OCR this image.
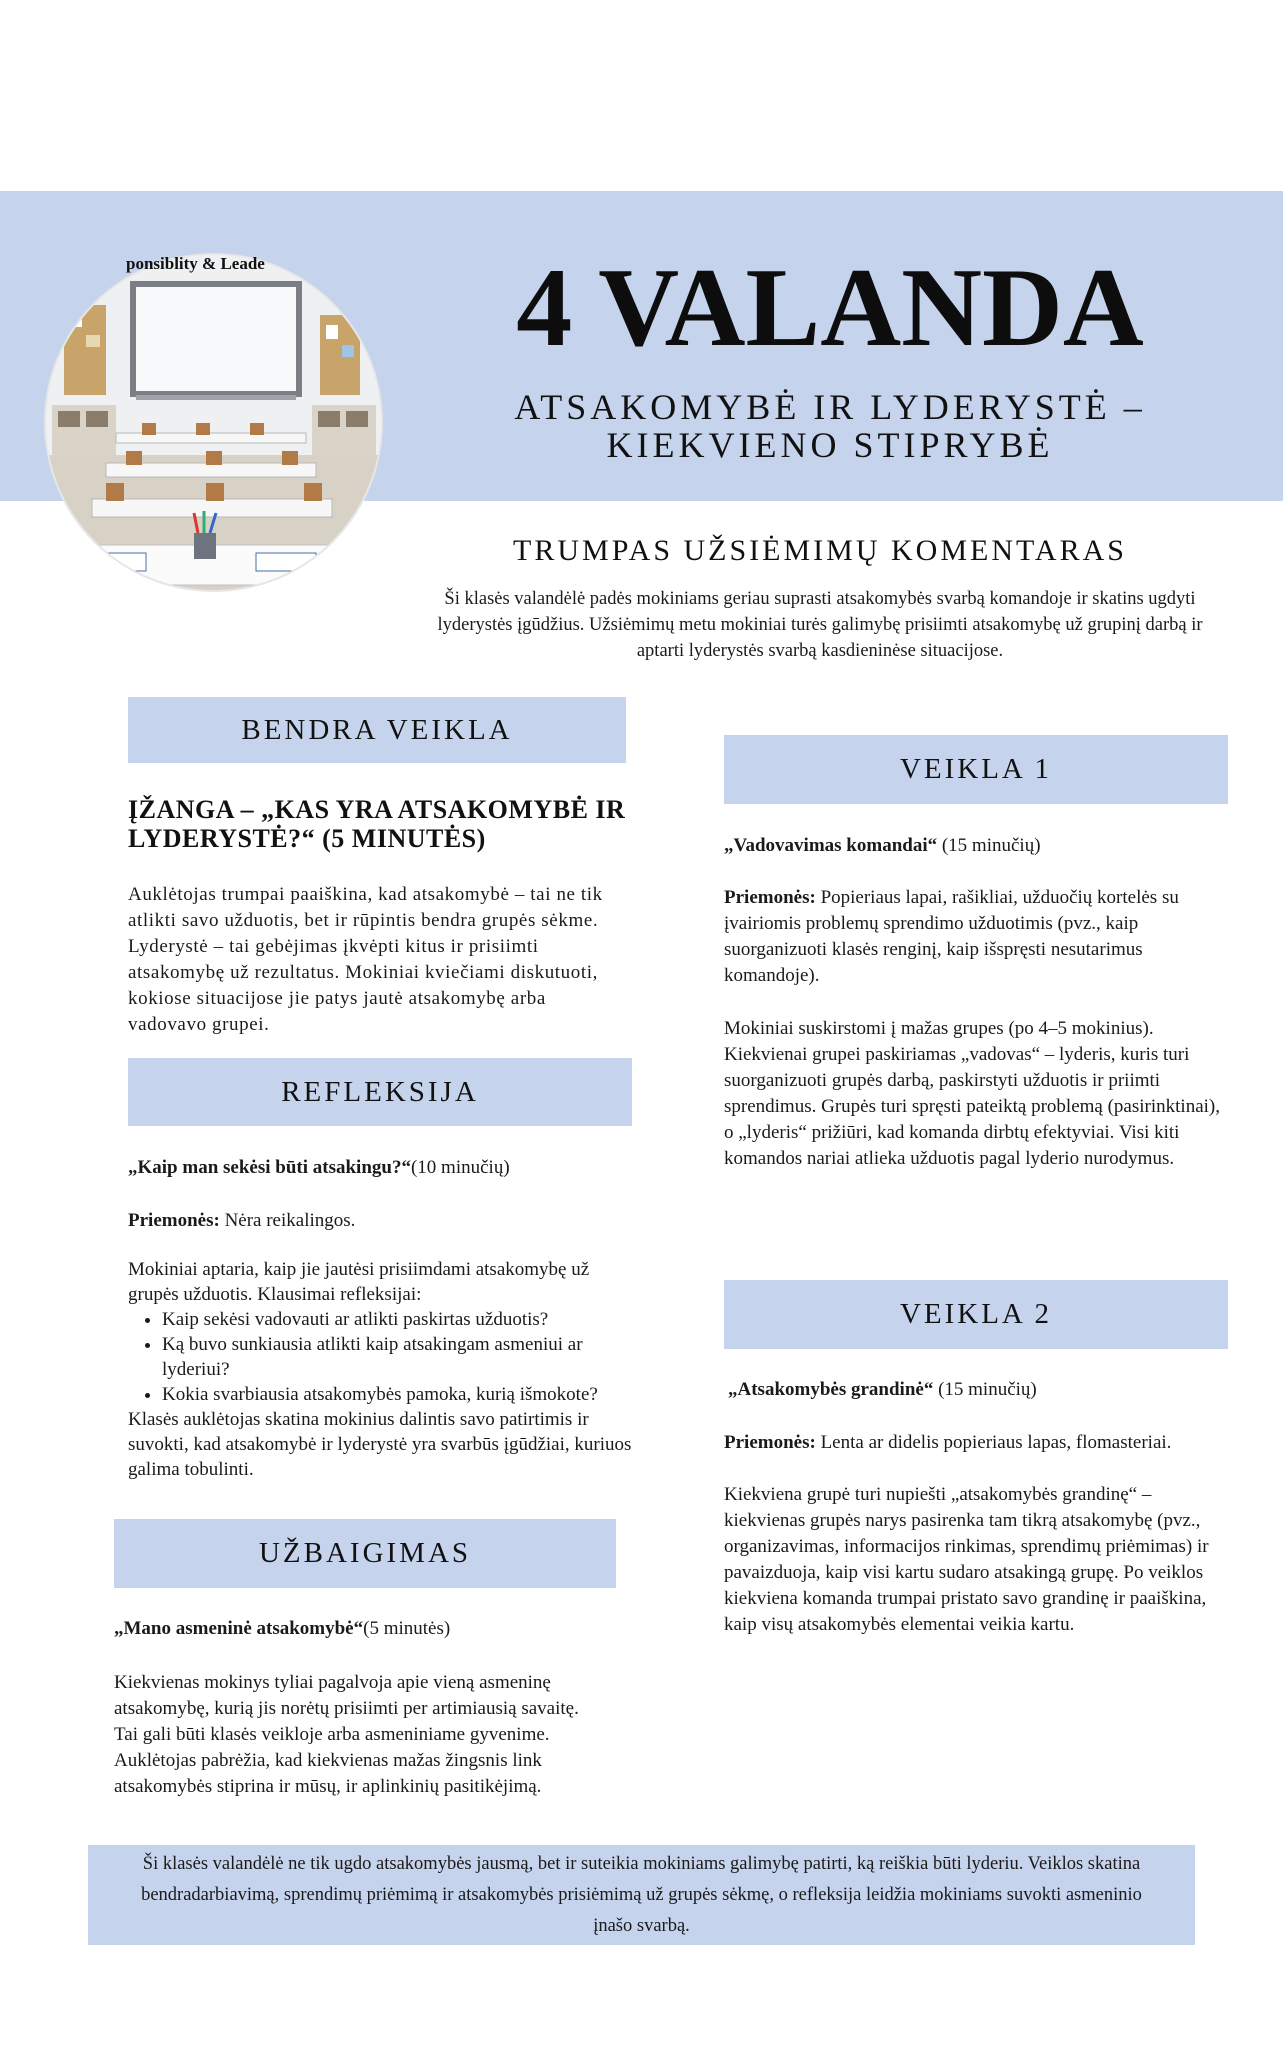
ponsiblity & Leade	4 VALANDA
ATSAKOMYBĖ IR LYDERYSTĖ –
KIEKVIENO STIPRYBĖ
TRUMPAS UŽSIĖMIMŲ KOMENTARAS
Ši klasės valandėlė padės mokiniams geriau suprasti atsakomybės svarbą komandoje ir skatins ugdyti lyderystės įgūdžius. Užsiėmimų metu mokiniai turės galimybę prisiimti atsakomybę už grupinį darbą ir aptarti lyderystės svarbą kasdieninėse situacijose.
BENDRA VEIKLA
ĮŽANGA – „KAS YRA ATSAKOMYBĖ IR LYDERYSTĖ?“ (5 MINUTĖS)

Auklėtojas trumpai paaiškina, kad atsakomybė – tai ne tik atlikti savo užduotis, bet ir rūpintis bendra grupės sėkme. Lyderystė – tai gebėjimas įkvėpti kitus ir prisiimti atsakomybę už rezultatus. Mokiniai kviečiami diskutuoti, kokiose situacijose jie patys jautė atsakomybę arba vadovavo grupei.

REFLEKSIJA

„Kaip man sekėsi būti atsakingu?“(10 minučių)

Priemonės: Nėra reikalingos.

Mokiniai aptaria, kaip jie jautėsi prisiimdami atsakomybę už grupės užduotis. Klausimai refleksijai:

• Kaip sekėsi vadovauti ar atlikti paskirtas užduotis?
• Ką buvo sunkiausia atlikti kaip atsakingam asmeniui ar lyderiui?
• Kokia svarbiausia atsakomybės pamoka, kurią išmokote?

Klasės auklėtojas skatina mokinius dalintis savo patirtimis ir suvokti, kad atsakomybė ir lyderystė yra svarbūs įgūdžiai, kuriuos galima tobulinti.

UŽBAIGIMAS

„Mano asmeninė atsakomybė“(5 minutės)

Kiekvienas mokinys tyliai pagalvoja apie vieną asmeninę atsakomybę, kurią jis norėtų prisiimti per artimiausią savaitę. Tai gali būti klasės veikloje arba asmeniniame gyvenime. Auklėtojas pabrėžia, kad kiekvienas mažas žingsnis link atsakomybės stiprina ir mūsų, ir aplinkinių pasitikėjimą.

VEIKLA 1

„Vadovavimas komandai“ (15 minučių)

Priemonės: Popieriaus lapai, rašikliai, užduočių kortelės su įvairiomis problemų sprendimo užduotimis (pvz., kaip suorganizuoti klasės renginį, kaip išspręsti nesutarimus komandoje).

Mokiniai suskirstomi į mažas grupes (po 4–5 mokinius). Kiekvienai grupei paskiriamas „vadovas“ – lyderis, kuris turi suorganizuoti grupės darbą, paskirstyti užduotis ir priimti sprendimus. Grupės turi spręsti pateiktą problemą (pasirinktinai), o „lyderis“ prižiūri, kad komanda dirbtų efektyviai. Visi kiti komandos nariai atlieka užduotis pagal lyderio nurodymus.

VEIKLA 2

„Atsakomybės grandinė“ (15 minučių)

Priemonės: Lenta ar didelis popieriaus lapas, flomasteriai.

Kiekviena grupė turi nupiešti „atsakomybės grandinę“ – kiekvienas grupės narys pasirenka tam tikrą atsakomybę (pvz., organizavimas, informacijos rinkimas, sprendimų priėmimas) ir pavaizduoja, kaip visi kartu sudaro atsakingą grupę. Po veiklos kiekviena komanda trumpai pristato savo grandinę ir paaiškina, kaip visų atsakomybės elementai veikia kartu.

Ši klasės valandėlė ne tik ugdo atsakomybės jausmą, bet ir suteikia mokiniams galimybę patirti, ką reiškia būti lyderiu. Veiklos skatina bendradarbiavimą, sprendimų priėmimą ir atsakomybės prisiėmimą už grupės sėkmę, o refleksija leidžia mokiniams suvokti asmeninio įnašo svarbą.
